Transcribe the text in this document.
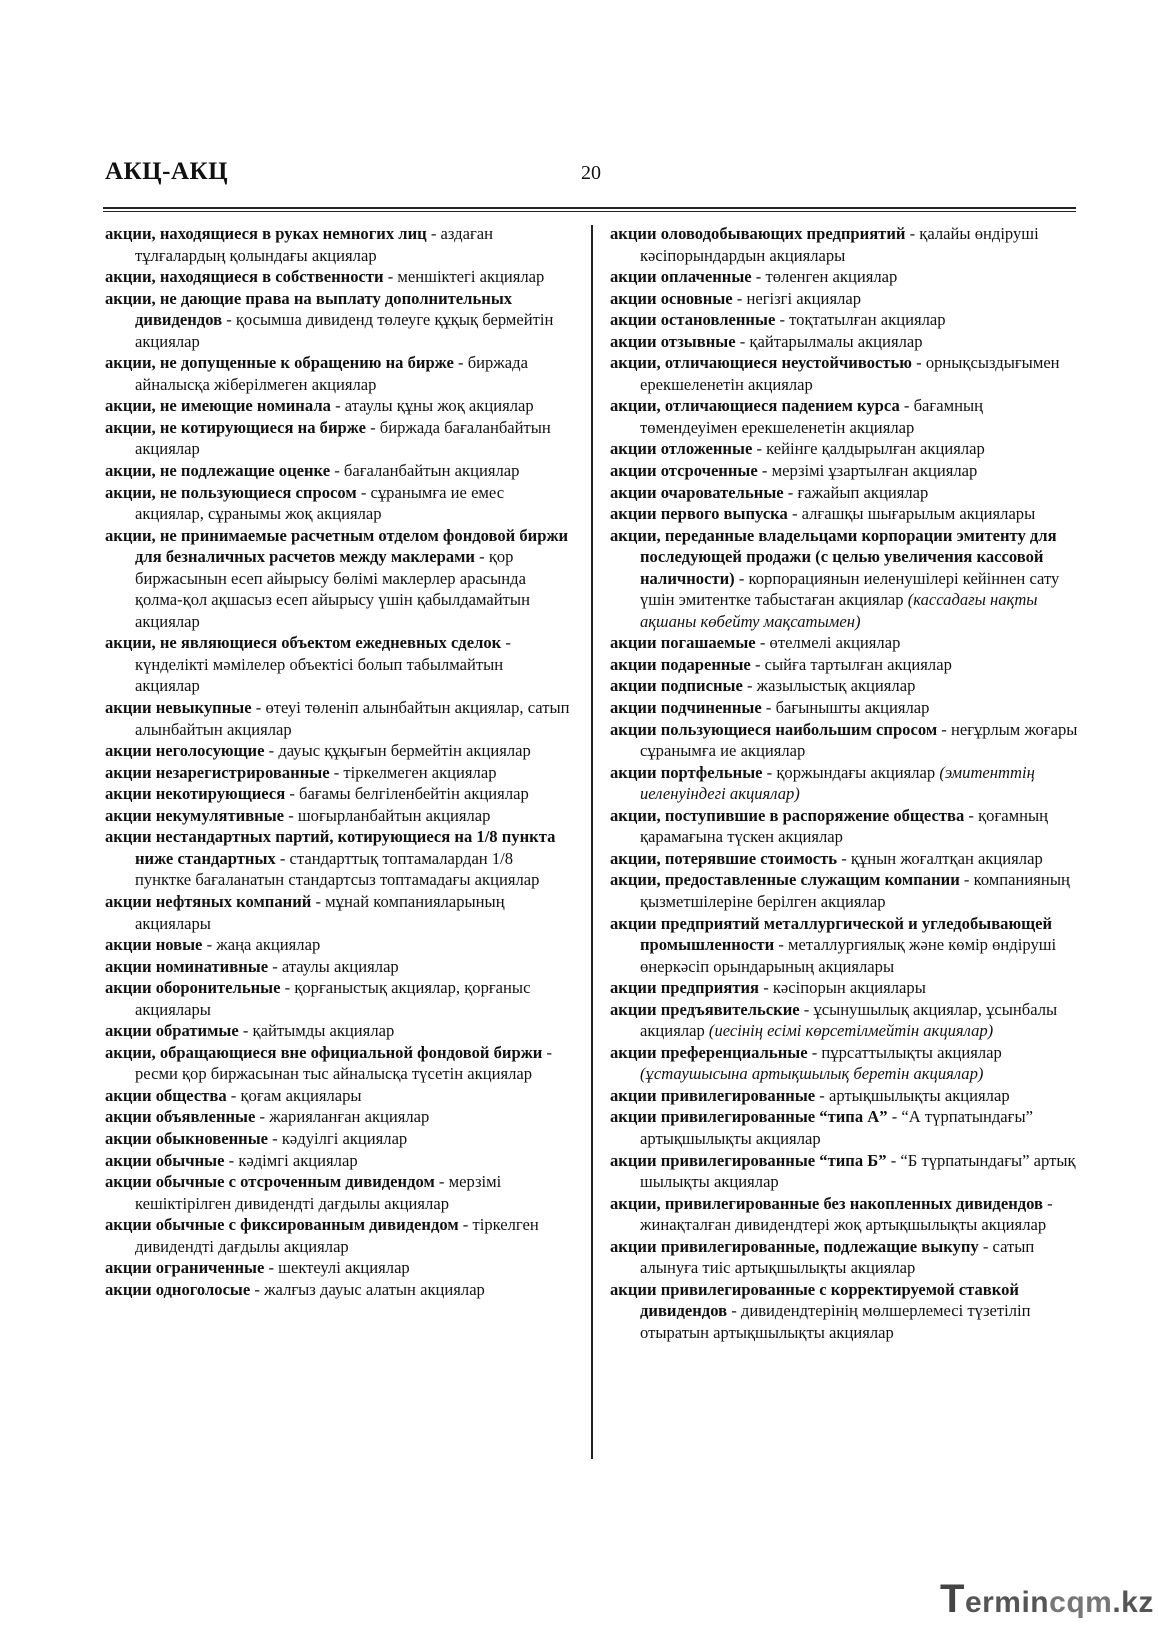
АКЦ-АКЦ	20
акции, находящиеся в руках немногих лиц - аздаған тұлғалардың қолындағы акциялар
акции, находящиеся в собственности - меншіктегі акциялар
акции, не дающие права на выплату дополнительных дивидендов - қосымша дивиденд төлеуге құқық бермейтін акциялар
акции, не допущенные к обращению на бирже - биржада айналысқа жіберілмеген акциялар
акции, не имеющие номинала - атаулы құны жоқ акциялар
акции, не котирующиеся на бирже - биржада бағаланбайтын акциялар
акции, не подлежащие оценке - бағаланбайтын акциялар
акции, не пользующиеся спросом - сұранымға ие емес акциялар, сұранымы жоқ акциялар
акции, не принимаемые расчетным отделом фондовой биржи для безналичных расчетов между маклерами - қор биржасынын есеп айырысу бөлімі маклерлер арасында қолма-қол ақшасыз есеп айырысу үшін қабылдамайтын акциялар
акции, не являющиеся объектом ежедневных сделок - күнделікті мәмілелер объектісі болып табылмайтын акциялар
акции невыкупные - өтеуі төленіп алынбайтын акциялар, сатып алынбайтын акциялар
акции неголосующие - дауыс құқығын бермейтін акциялар
акции незарегистрированные - тіркелмеген акциялар
акции некотирующиеся - бағамы белгіленбейтін акциялар
акции некумулятивные - шоғырланбайтын акциялар
акции нестандартных партий, котирующиеся на 1/8 пункта ниже стандартных - стандарттық топтамалардан 1/8 пунктке бағаланатын стандартсыз топтамадағы акциялар
акции нефтяных компаний - мұнай компанияларының акциялары
акции новые - жаңа акциялар
акции номинативные - атаулы акциялар
акции оборонительные - қорғаныстық акциялар, қорғаныс акциялары
акции обратимые - қайтымды акциялар
акции, обращающиеся вне официальной фондовой биржи - ресми қор биржасынан тыс айналысқа түсетін акциялар
акции общества - қоғам акциялары
акции объявленные - жарияланған акциялар
акции обыкновенные - кәдуілгі акциялар
акции обычные - кәдімгі акциялар
акции обычные с отсроченным дивидендом - мерзімі кешіктірілген дивидендті дағдылы акциялар
акции обычные с фиксированным дивидендом - тіркелген дивидендті дағдылы акциялар
акции ограниченные - шектеулі акциялар
акции одноголосые - жалғыз дауыс алатын акциялар
акции оловодобывающих предприятий - қалайы өндіруші кәсіпорындардын акциялары
акции оплаченные - төленген акциялар
акции основные - негізгі акциялар
акции остановленные - тоқтатылған акциялар
акции отзывные - қайтарылмалы акциялар
акции, отличающиеся неустойчивостью - орнықсыздығымен ерекшеленетін акциялар
акции, отличающиеся падением курса - бағамның төмендеуімен ерекшеленетін акциялар
акции отложенные - кейінге қалдырылған акциялар
акции отсроченные - мерзімі ұзартылған акциялар
акции очаровательные - ғажайып акциялар
акции первого выпуска - алғашқы шығарылым акциялары
акции, переданные владельцами корпорации эмитенту для последующей продажи (с целью увеличения кассовой наличности) - корпорациянын иеленушілері кейіннен сату үшін эмитентке табыстаған акциялар (кассадағы нақты ақшаны көбейту мақсатымен)
акции погашаемые - өтелмелі акциялар
акции подаренные - сыйға тартылған акциялар
акции подписные - жазылыстық акциялар
акции подчиненные - бағынышты акциялар
акции пользующиеся наибольшим спросом - неғұрлым жоғары сұранымға ие акциялар
акции портфельные - қоржындағы акциялар (эмитенттің иеленуіндегі акциялар)
акции, поступившие в распоряжение общества - қоғамның қарамағына түскен акциялар
акции, потерявшие стоимость - құнын жоғалтқан акциялар
акции, предоставленные служащим компании - компанияның қызметшілеріне берілген акциялар
акции предприятий металлургической и угледобывающей промышленности - металлургиялық және көмір өндіруші өнеркәсіп орындарының акциялары
акции предприятия - кәсіпорын акциялары
акции предъявительские - ұсынушылық акциялар, ұсынбалы акциялар (иесінің есімі көрсетілмейтін акциялар)
акции преференциальные - пұрсаттылықты акциялар (ұстаушысына артықшылық беретін акциялар)
акции привилегированные - артықшылықты акциялар
акции привилегированные “типа А” - “А түрпатындағы” артықшылықты акциялар
акции привилегированные “типа Б” - “Б түрпатындағы” артық шылықты акциялар
акции, привилегированные без накопленных дивидендов - жинақталған дивидендтері жоқ артықшылықты акциялар
акции привилегированные, подлежащие выкупу - сатып алынуға тиіс артықшылықты акциялар
акции привилегированные с корректируемой ставкой дивидендов - дивидендтерінің мөлшерлемесі түзетіліп отыратын артықшылықты акциялар
Termincqm.kz
